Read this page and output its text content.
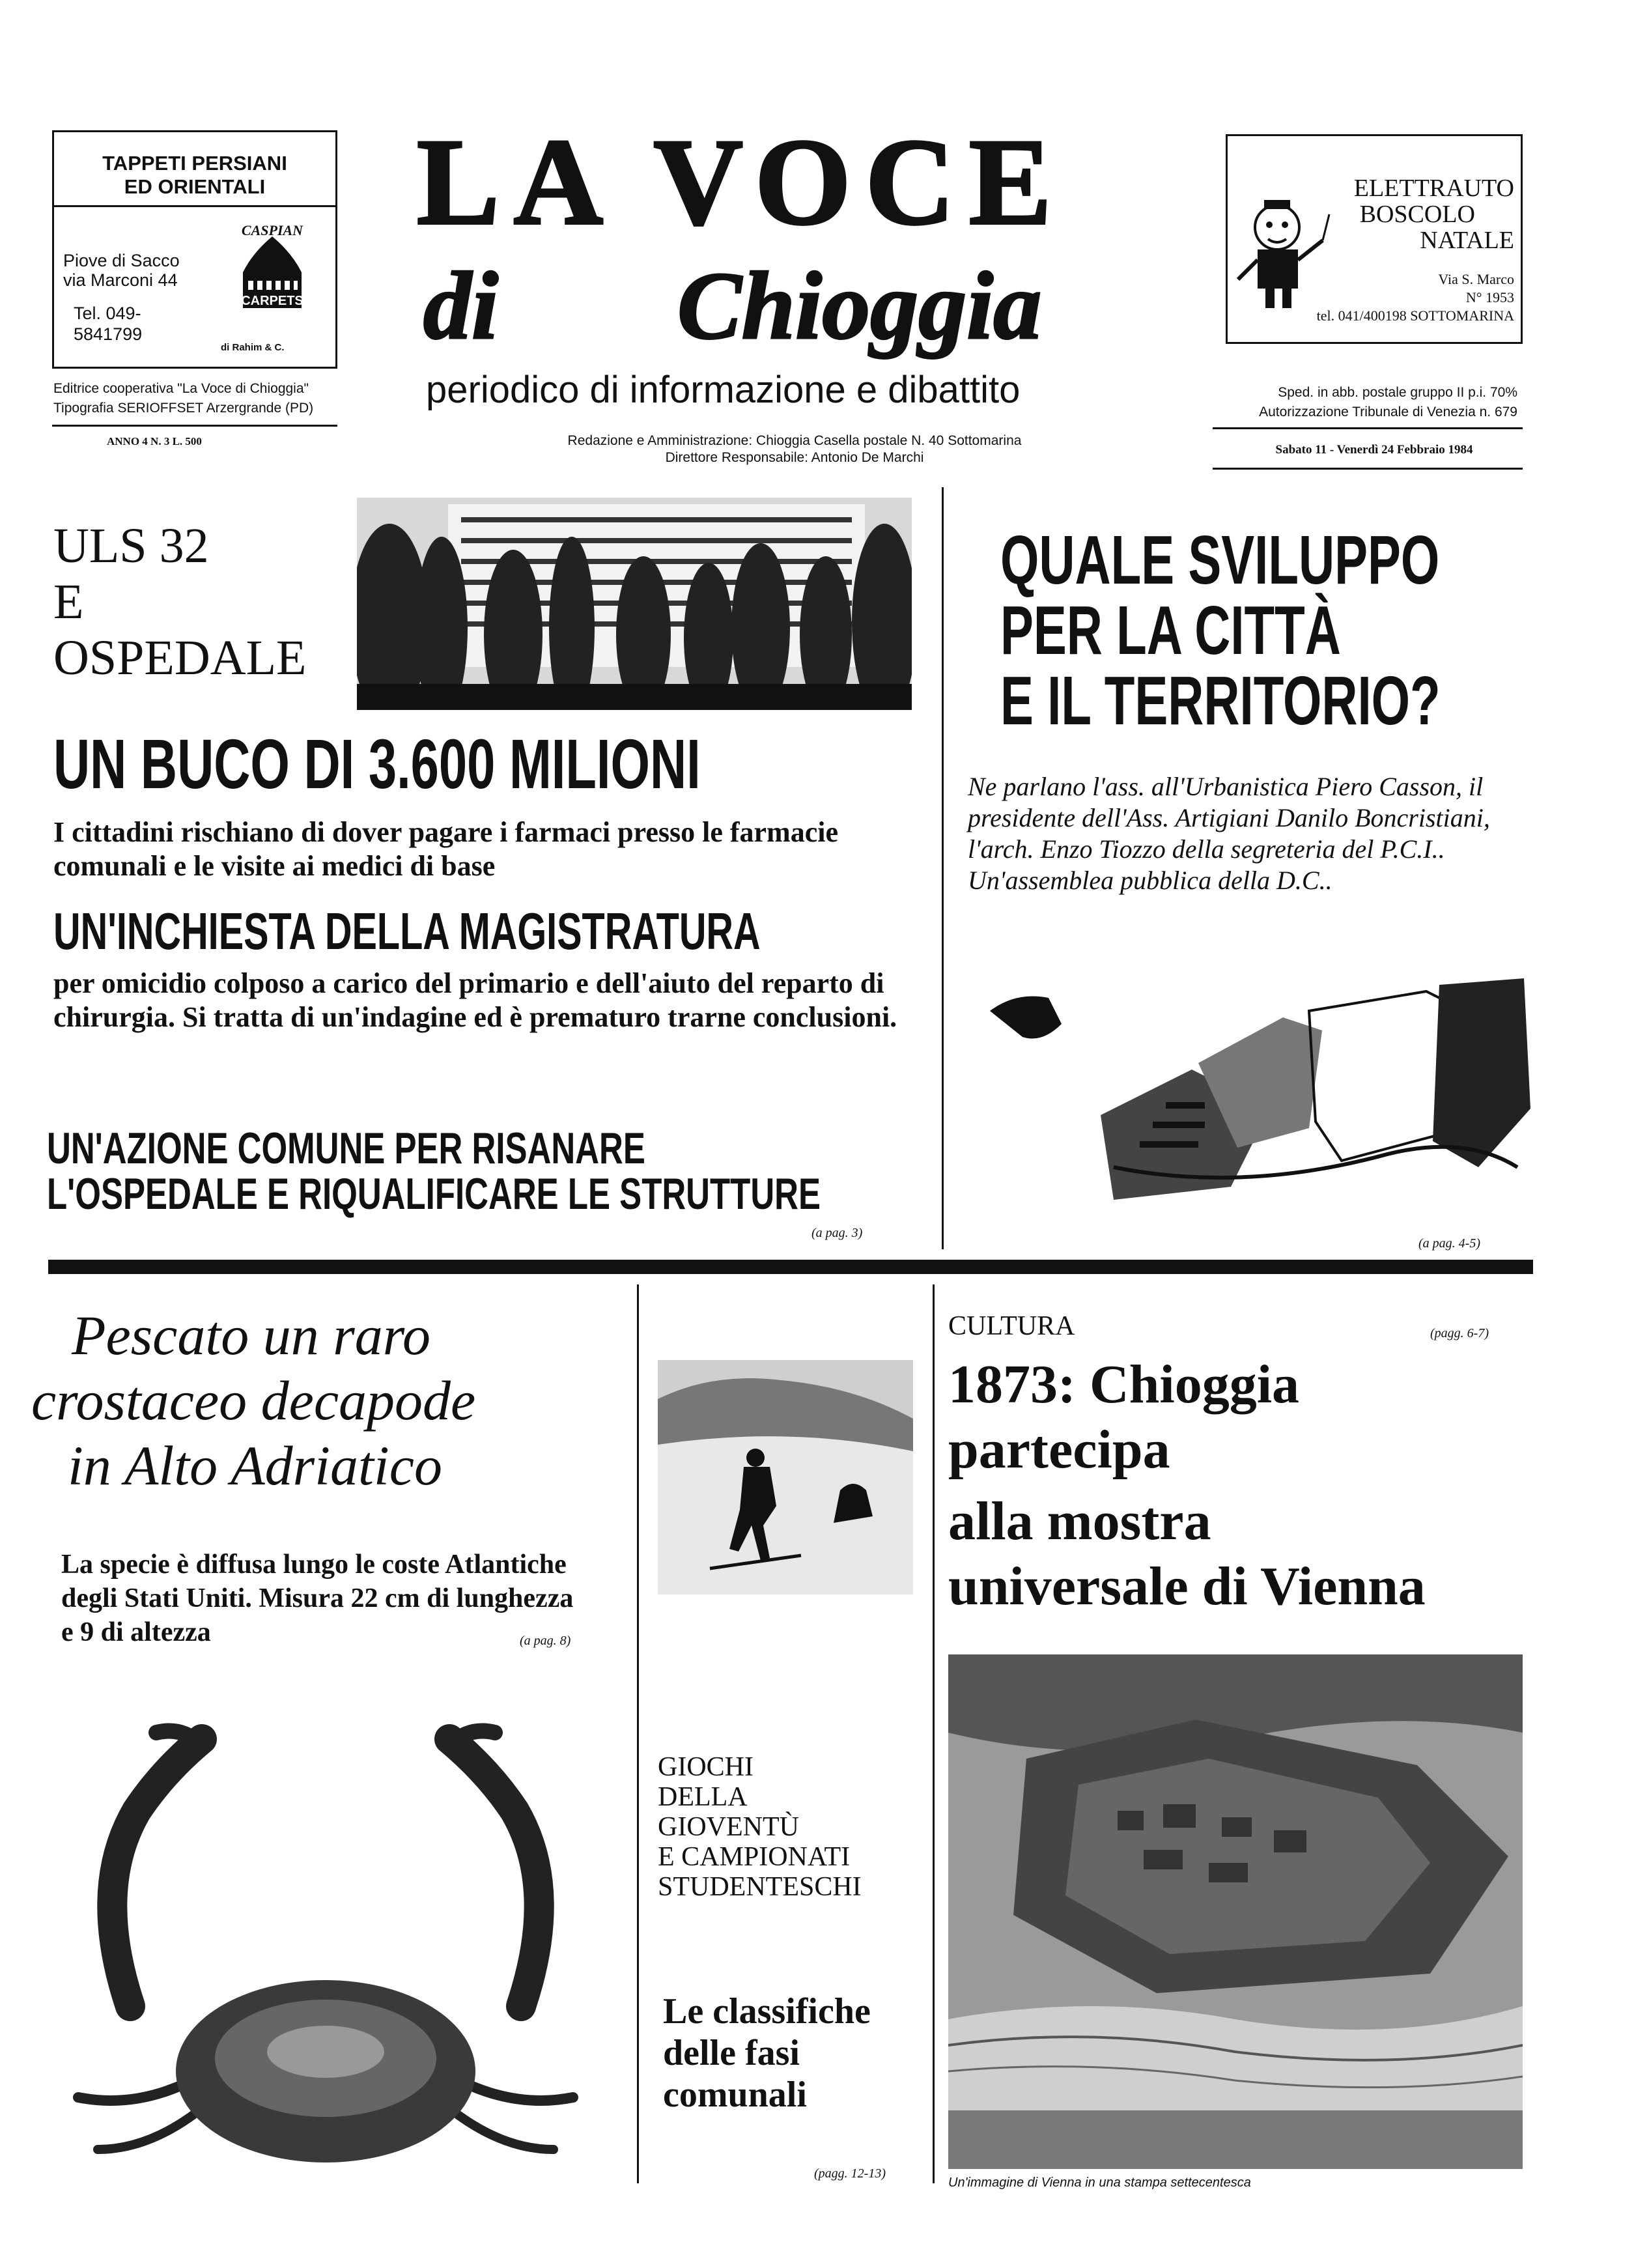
TAPPETI PERSIANI
ED ORIENTALI
Piove di Sacco
via Marconi 44
Tel. 049-
5841799
CASPIAN
CARPETS
di Rahim & C.
Editrice cooperativa "La Voce di Chioggia"
Tipografia SERIOFFSET Arzergrande (PD)
ANNO 4 N. 3 L. 500
LA VOCE
di Chioggia
periodico di informazione e dibattito
Redazione e Amministrazione: Chioggia Casella postale N. 40 Sottomarina
Direttore Responsabile: Antonio De Marchi
ELETTRAUTO
BOSCOLO
NATALE
Via S. Marco
N° 1953
tel. 041/400198 SOTTOMARINA
Sped. in abb. postale gruppo II p.i. 70%
Autorizzazione Tribunale di Venezia n. 679
Sabato 11 - Venerdì 24 Febbraio 1984
ULS 32
E
OSPEDALE
UN BUCO DI 3.600 MILIONI
I cittadini rischiano di dover pagare i farmaci presso le farmacie comunali e le visite ai medici di base
UN'INCHIESTA DELLA MAGISTRATURA
per omicidio colposo a carico del primario e dell'aiuto del reparto di chirurgia. Si tratta di un'indagine ed è prematuro trarne conclusioni.
UN'AZIONE COMUNE PER RISANARE
L'OSPEDALE E RIQUALIFICARE LE STRUTTURE
(a pag. 3)
QUALE SVILUPPO
PER LA CITTÀ
E IL TERRITORIO?
Ne parlano l'ass. all'Urbanistica Piero Casson, il presidente dell'Ass. Artigiani Danilo Boncristiani, l'arch. Enzo Tiozzo della segreteria del P.C.I.. Un'assemblea pubblica della D.C..
(a pag. 4-5)
Pescato un raro
crostaceo decapode
in Alto Adriatico
La specie è diffusa lungo le coste Atlantiche degli Stati Uniti. Misura 22 cm di lunghezza e 9 di altezza	(a pag. 8)
GIOCHI
DELLA
GIOVENTÙ
E CAMPIONATI
STUDENTESCHI
Le classifiche
delle fasi
comunali
(pagg. 12-13)
CULTURA	(pagg. 6-7)
1873: Chioggia
partecipa
alla mostra
universale di Vienna
Un'immagine di Vienna in una stampa settecentesca
